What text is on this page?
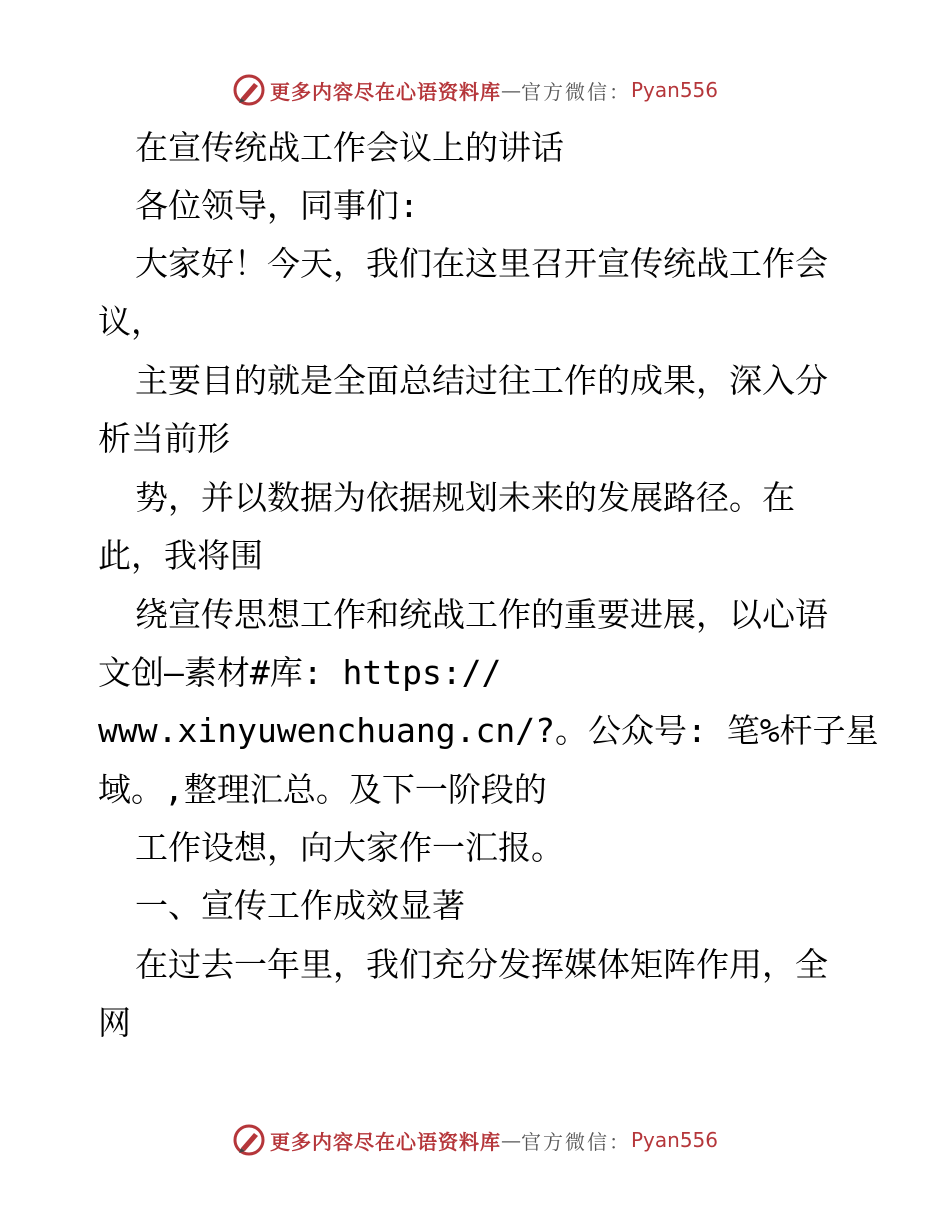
更多内容尽在心语资料库 — 官方微信： Pyan556
在宣传统战工作会议上的讲话
各位领导，同事们:
大家好！今天，我们在这里召开宣传统战工作会
议，
主要目的就是全面总结过往工作的成果，深入分
析当前形
势，并以数据为依据规划未来的发展路径。在
此，我将围
绕宣传思想工作和统战工作的重要进展，以心语
文创—素材#库: https://
www.xinyuwenchuang.cn/?。公众号: 笔%杆子星
域。,整理汇总。及下一阶段的
工作设想，向大家作一汇报。
一、宣传工作成效显著
在过去一年里，我们充分发挥媒体矩阵作用，全
网
更多内容尽在心语资料库 — 官方微信： Pyan556
